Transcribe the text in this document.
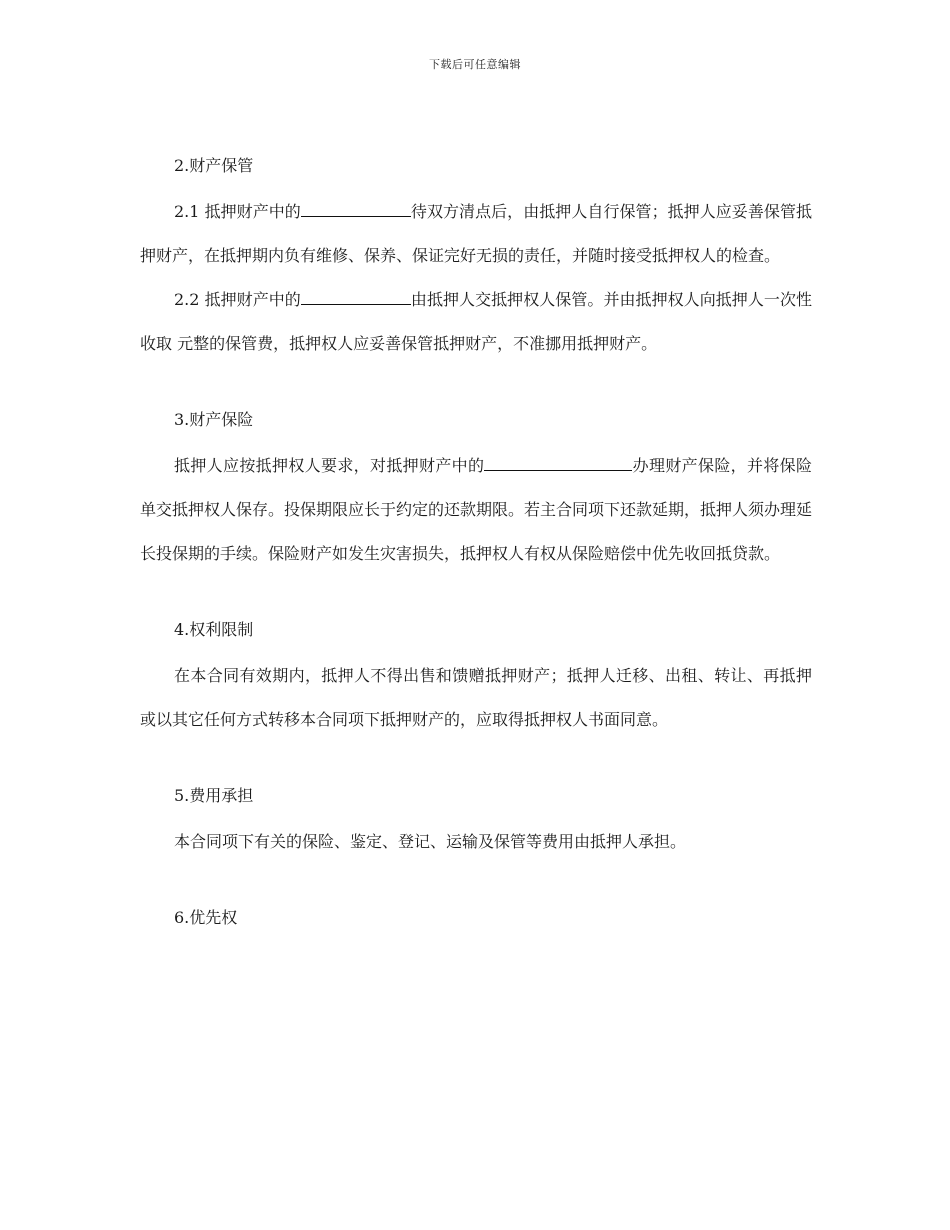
下载后可任意编辑
2.财产保管

2.1 抵押财产中的	待双方清点后，由抵押人自行保管；抵押人应妥善保管抵押财产，在抵押期内负有维修、保养、保证完好无损的责任，并随时接受抵押权人的检查。

2.2 抵押财产中的	由抵押人交抵押权人保管。并由抵押权人向抵押人一次性收取 元整的保管费，抵押权人应妥善保管抵押财产，不准挪用抵押财产。

3.财产保险

抵押人应按抵押权人要求，对抵押财产中的	办理财产保险，并将保险单交抵押权人保存。投保期限应长于约定的还款期限。若主合同项下还款延期，抵押人须办理延长投保期的手续。保险财产如发生灾害损失，抵押权人有权从保险赔偿中优先收回抵贷款。

4.权利限制

在本合同有效期内，抵押人不得出售和馈赠抵押财产；抵押人迁移、出租、转让、再抵押或以其它任何方式转移本合同项下抵押财产的，应取得抵押权人书面同意。

5.费用承担

本合同项下有关的保险、鉴定、登记、运输及保管等费用由抵押人承担。

6.优先权
